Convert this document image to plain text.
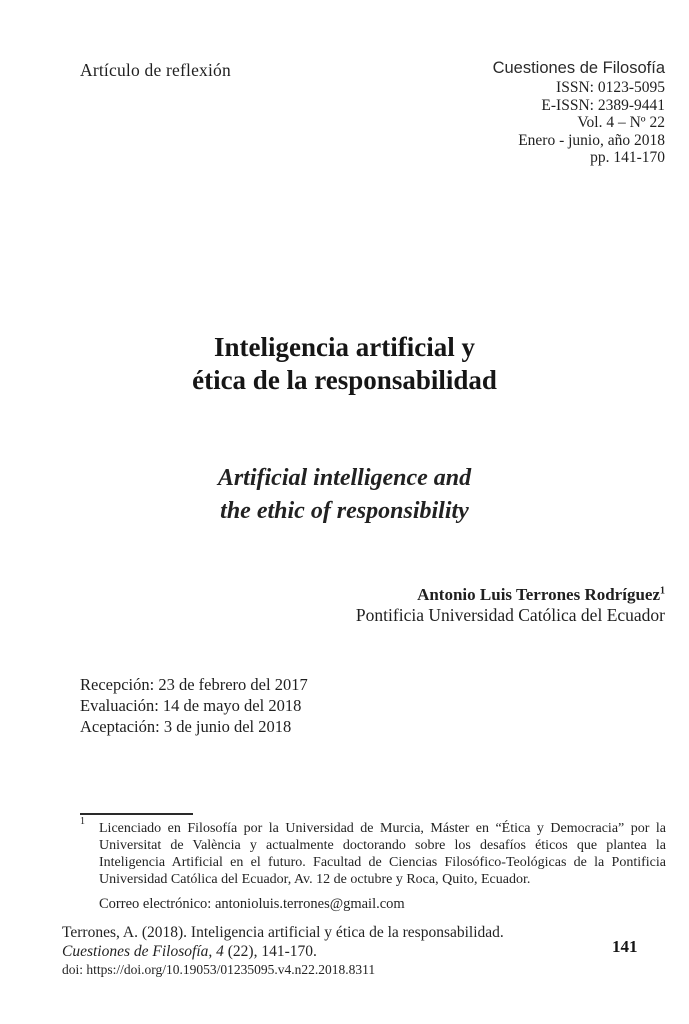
Artículo de reflexión	Cuestiones de Filosofía
ISSN: 0123-5095
E-ISSN: 2389-9441
Vol. 4 – Nº 22
Enero - junio, año 2018
pp. 141-170
Inteligencia artificial y
ética de la responsabilidad
Artificial intelligence and
the ethic of responsibility
Antonio Luis Terrones Rodríguez$^1$
Pontificia Universidad Católica del Ecuador
Recepción: 23 de febrero del 2017
Evaluación: 14 de mayo del 2018
Aceptación: 3 de junio del 2018
1	Licenciado en Filosofía por la Universidad de Murcia, Máster en “Ética y Democracia” por la Universitat de València y actualmente doctorando sobre los desafíos éticos que plantea la Inteligencia Artificial en el futuro. Facultad de Ciencias Filosófico-Teológicas de la Pontificia Universidad Católica del Ecuador, Av. 12 de octubre y Roca, Quito, Ecuador.

Correo electrónico: antonioluis.terrones@gmail.com

Terrones, A. (2018). Inteligencia artificial y ética de la responsabilidad.
Cuestiones de Filosofía, 4 (22), 141-170.
doi: https://doi.org/10.19053/01235095.v4.n22.2018.8311
141
